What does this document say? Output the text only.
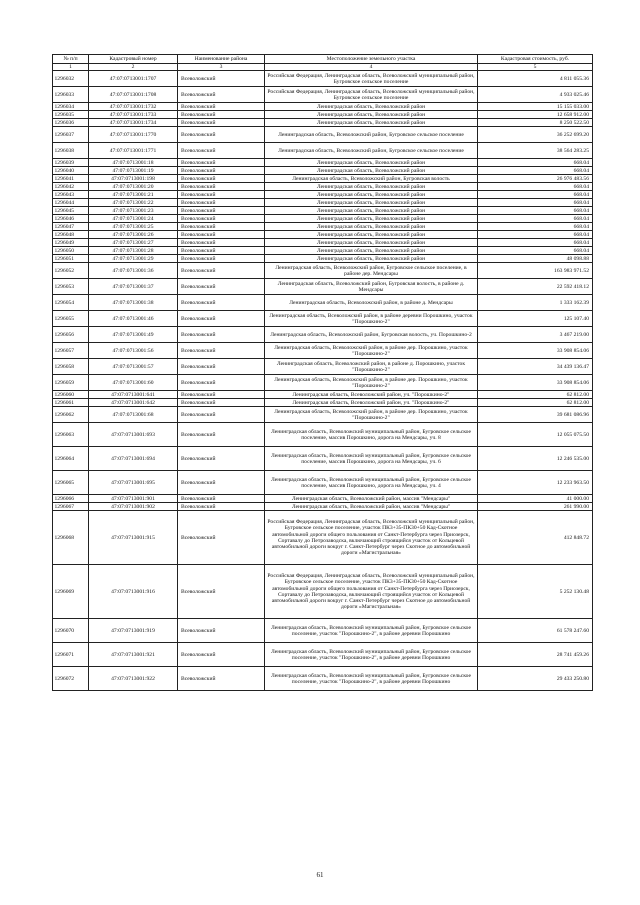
№ п/п	Кадастровый номер	Наименование района	Местоположение земельного участка	Кадастровая стоимость, руб.
1	2	3	4	5
1296032	47:07:0713001:1707	Всеволожский	Российская Федерация, Ленинградская область, Всеволожский муниципальный район, Бугровское сельское поселение	4 811 055.36
1296033	47:07:0713001:1708	Всеволожский	Российская Федерация, Ленинградская область, Всеволожский муниципальный район, Бугровское сельское поселение	4 933 025.46
1296034	47:07:0713001:1732	Всеволожский	Ленинградская область, Всеволожский район	15 155 033.00
1296035	47:07:0713001:1733	Всеволожский	Ленинградская область, Всеволожский район	12 658 912.00
1296036	47:07:0713001:1734	Всеволожский	Ленинградская область, Всеволожский район	8 250 522.50
1296037	47:07:0713001:1770	Всеволожский	Ленинградская область, Всеволожский район, Бугровское сельское поселение	36 252 699.20
1296038	47:07:0713001:1771	Всеволожский	Ленинградская область, Всеволожский район, Бугровское сельское поселение	38 564 283.25
1296039	47:07:0713001:18	Всеволожский	Ленинградская область, Всеволожский район	668.04
1296040	47:07:0713001:19	Всеволожский	Ленинградская область, Всеволожский район	668.04
1296041	47:07:0713001:198	Всеволожский	Ленинградская область, Всеволожский район, Бугровская волость	26 976 483.56
1296042	47:07:0713001:20	Всеволожский	Ленинградская область, Всеволожский район	668.04
1296043	47:07:0713001:21	Всеволожский	Ленинградская область, Всеволожский район	668.04
1296044	47:07:0713001:22	Всеволожский	Ленинградская область, Всеволожский район	668.04
1296045	47:07:0713001:23	Всеволожский	Ленинградская область, Всеволожский район	668.04
1296046	47:07:0713001:24	Всеволожский	Ленинградская область, Всеволожский район	668.04
1296047	47:07:0713001:25	Всеволожский	Ленинградская область, Всеволожский район	668.04
1296048	47:07:0713001:26	Всеволожский	Ленинградская область, Всеволожский район	668.04
1296049	47:07:0713001:27	Всеволожский	Ленинградская область, Всеволожский район	668.04
1296050	47:07:0713001:28	Всеволожский	Ленинградская область, Всеволожский район	668.04
1296051	47:07:0713001:29	Всеволожский	Ленинградская область, Всеволожский район	48 098.88
1296052	47:07:0713001:36	Всеволожский	Ленинградская область, Всеволожский район, Бугровское сельское поселение, в районе дер. Мендсары	163 983 971.52
1296053	47:07:0713001:37	Всеволожский	Ленинградская область, Всеволожский район, Бугровская волость, в районе д. Мендсары	22 592 418.12
1296054	47:07:0713001:38	Всеволожский	Ленинградская область, Всеволожский район, в районе д. Мендсары	1 333 162.39
1296055	47:07:0713001:46	Всеволожский	Ленинградская область, Всеволожский район, в районе деревни Порошкино, участок "Порошкино-2"	125 107.40
1296056	47:07:0713001:49	Всеволожский	Ленинградская область, Всеволожский район, Бугровская волость, уч. Порошкино-2	3 467 219.00
1296057	47:07:0713001:56	Всеволожский	Ленинградская область, Всеволожский район, в районе дер. Порошкино, участок "Порошкино-2"	33 908 854.06
1296058	47:07:0713001:57	Всеволожский	Ленинградская область, Всеволожский район, в районе д. Порошкино, участок "Порошкино-2"	34 439 136.47
1296059	47:07:0713001:60	Всеволожский	Ленинградская область, Всеволожский район, в районе дер. Порошкино, участок "Порошкино-2"	33 908 854.06
1296060	47:07:0713001:641	Всеволожский	Ленинградская область, Всеволожский район, уч. "Порошкино-2"	62 812.00
1296061	47:07:0713001:642	Всеволожский	Ленинградская область, Всеволожский район, уч. "Порошкино-2"	62 812.00
1296062	47:07:0713001:68	Всеволожский	Ленинградская область, Всеволожский район, в районе дер. Порошкино, участок "Порошкино-2"	39 681 086.96
1296063	47:07:0713001:693	Всеволожский	Ленинградская область, Всеволожский муниципальный район, Бугровское сельское поселение, массив Порошкино, дорога на Мендсары, уч. 8	12 055 075.50
1296064	47:07:0713001:694	Всеволожский	Ленинградская область, Всеволожский муниципальный район, Бугровское сельское поселение, массив Порошкино, дорога на Мендсары, уч. 6	12 246 535.00
1296065	47:07:0713001:695	Всеволожский	Ленинградская область, Всеволожский муниципальный район, Бугровское сельское поселение, массив Порошкино, дорога на Мендсары, уч. 4	12 233 963.50
1296066	47:07:0713001:901	Всеволожский	Ленинградская область, Всеволожский район, массив "Мендсары"	41 000.00
1296067	47:07:0713001:902	Всеволожский	Ленинградская область, Всеволожский район, массив "Мендсары"	261 990.00
1296068	47:07:0713001:915	Всеволожский	Российская Федерация, Ленинградская область, Всеволожский муниципальный район, Бугровское сельское поселение, участок ПК3+35-ПК30+50 Кад-Скотное автомобильной дороги общего пользования от Санкт-Петербурга через Приозерск, Сортавалу до Петрозаводска, включающий строящийся участок от Кольцевой автомобильной дороги вокруг г. Санкт-Петербург через Скотное до автомобильной дороги «Магистральная»	412 848.72
1296069	47:07:0713001:916	Всеволожский	Российская Федерация, Ленинградская область, Всеволожский муниципальный район, Бугровское сельское поселение, участок ПК3+35-ПК30+50 Кад-Скотное автомобильной дороги общего пользования от Санкт-Петербурга через Приозерск, Сортавалу до Петрозаводска, включающий строящийся участок от Кольцевой автомобильной дороги вокруг г. Санкт-Петербург через Скотное до автомобильной дороги «Магистральная»	5 252 130.48
1296070	47:07:0713001:919	Всеволожский	Ленинградская область, Всеволожский муниципальный район, Бугровское сельское поселение, участок "Порошкино-2", в районе деревни Порошкино	61 578 247.60
1296071	47:07:0713001:921	Всеволожский	Ленинградская область, Всеволожский муниципальный район, Бугровское сельское поселение, участок "Порошкино-2", в районе деревни Порошкино	28 741 459.26
1296072	47:07:0713001:922	Всеволожский	Ленинградская область, Всеволожский муниципальный район, Бугровское сельское поселение, участок "Порошкино-2", в районе деревни Порошкино	29 433 250.80
61
